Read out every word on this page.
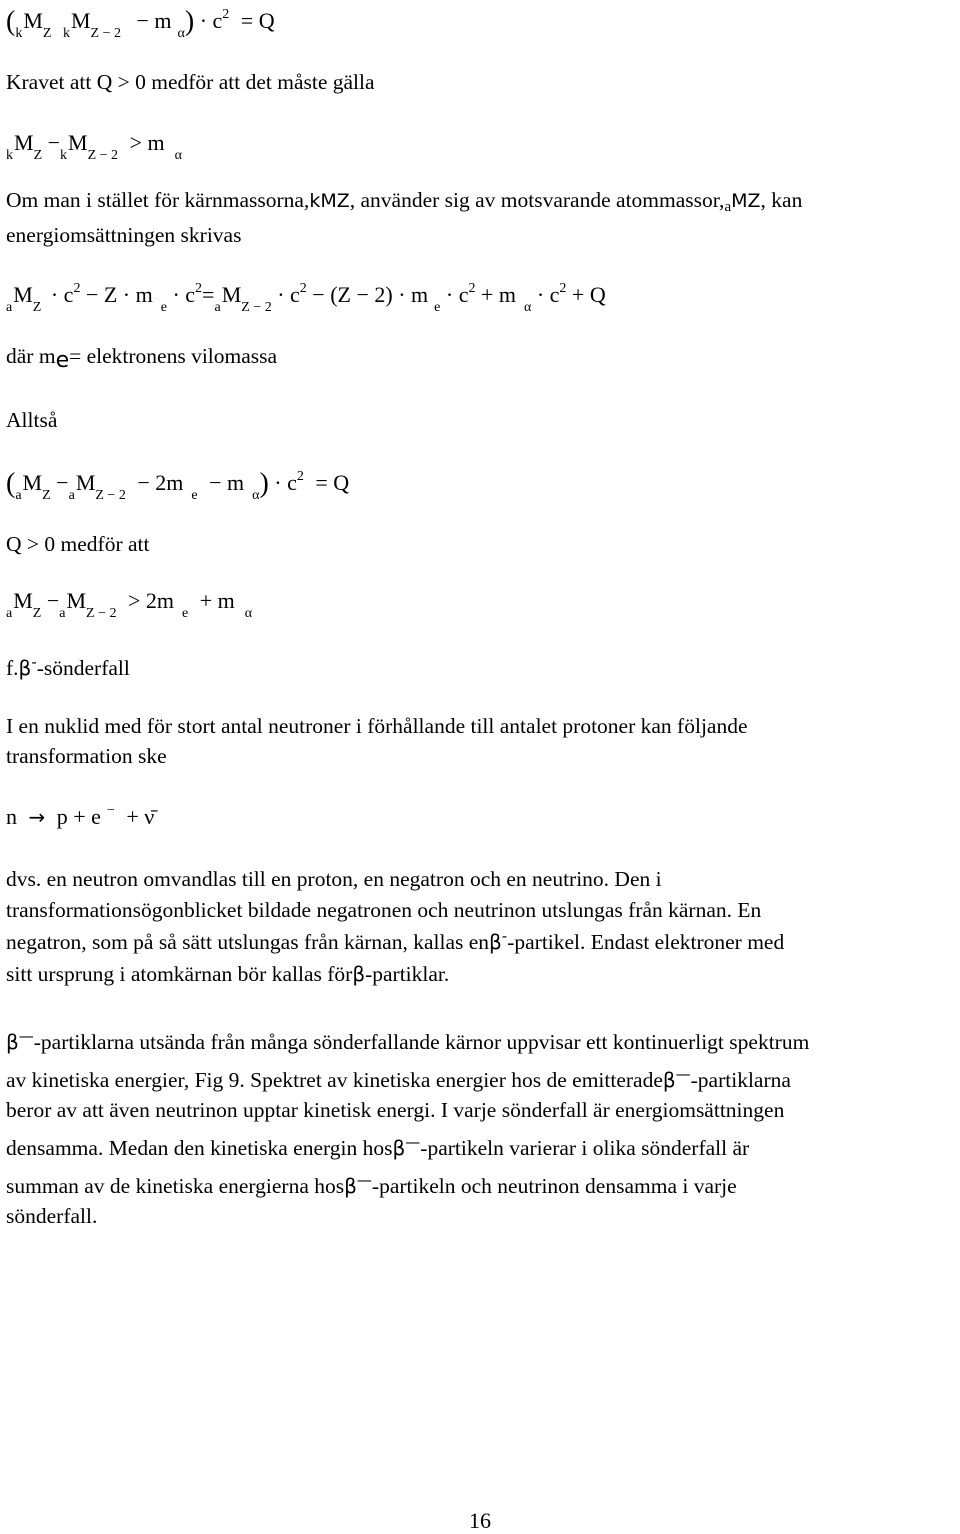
(kMZ kMZ − 2 − mα) · c2 = Q
Kravet att Q > 0 medför att det måste gälla
kMZ −kMZ − 2 > mα
Om man i stället för kärnmassorna,kMZ, använder sig av motsvarande atommassor,aMZ, kan
energiomsättningen skrivas
aMZ · c2 − Z · me · c2=aMZ − 2 · c2 − (Z − 2) · me · c2 + mα · c2 + Q
där me= elektronens vilomassa
Alltså
(aMZ −aMZ − 2 − 2me − mα) · c2 = Q
Q > 0 medför att
aMZ −aMZ − 2 > 2me + mα
f.β--sönderfall
I en nuklid med för stort antal neutroner i förhållande till antalet protoner kan följande
transformation ske
n → p + e − + ν̄
dvs. en neutron omvandlas till en proton, en negatron och en neutrino. Den i
transformationsögonblicket bildade negatronen och neutrinon utslungas från kärnan. En
negatron, som på så sätt utslungas från kärnan, kallas enβ--partikel. Endast elektroner med
sitt ursprung i atomkärnan bör kallas förβ-partiklar.
β—-partiklarna utsända från många sönderfallande kärnor uppvisar ett kontinuerligt spektrum
av kinetiska energier, Fig 9. Spektret av kinetiska energier hos de emitteradeβ—-partiklarna
beror av att även neutrinon upptar kinetisk energi. I varje sönderfall är energiomsättningen
densamma. Medan den kinetiska energin hosβ—-partikeln varierar i olika sönderfall är
summan av de kinetiska energierna hosβ—-partikeln och neutrinon densamma i varje
sönderfall.
16
